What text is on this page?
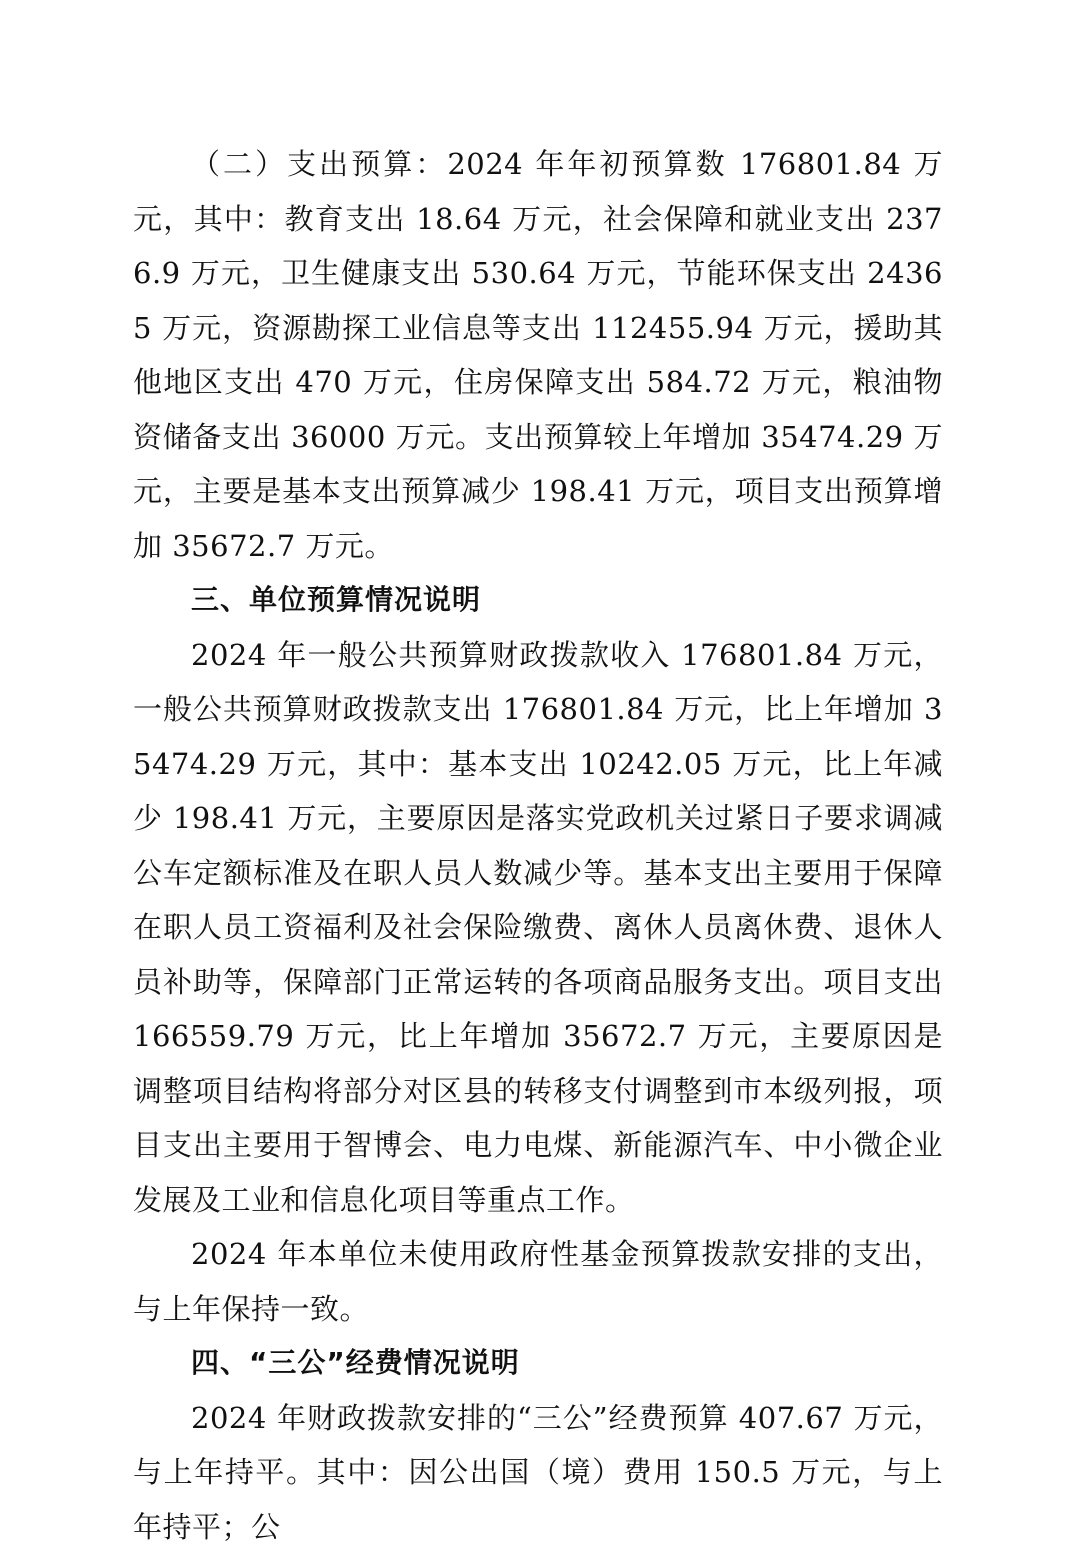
（二）支出预算：2024 年年初预算数 176801.84 万元，其中：教育支出 18.64 万元，社会保障和就业支出 2376.9 万元，卫生健康支出 530.64 万元，节能环保支出 24365 万元，资源勘探工业信息等支出 112455.94 万元，援助其他地区支出 470 万元，住房保障支出 584.72 万元，粮油物资储备支出 36000 万元。支出预算较上年增加 35474.29 万元，主要是基本支出预算减少 198.41 万元，项目支出预算增加 35672.7 万元。

三、单位预算情况说明

2024 年一般公共预算财政拨款收入 176801.84 万元，一般公共预算财政拨款支出 176801.84 万元，比上年增加 35474.29 万元，其中：基本支出 10242.05 万元，比上年减少 198.41 万元，主要原因是落实党政机关过紧日子要求调减公车定额标准及在职人员人数减少等。基本支出主要用于保障在职人员工资福利及社会保险缴费、离休人员离休费、退休人员补助等，保障部门正常运转的各项商品服务支出。项目支出 166559.79 万元，比上年增加 35672.7 万元，主要原因是调整项目结构将部分对区县的转移支付调整到市本级列报，项目支出主要用于智博会、电力电煤、新能源汽车、中小微企业发展及工业和信息化项目等重点工作。

2024 年本单位未使用政府性基金预算拨款安排的支出，与上年保持一致。

四、“三公”经费情况说明

2024 年财政拨款安排的“三公”经费预算 407.67 万元，与上年持平。其中：因公出国（境）费用 150.5 万元，与上年持平；公
